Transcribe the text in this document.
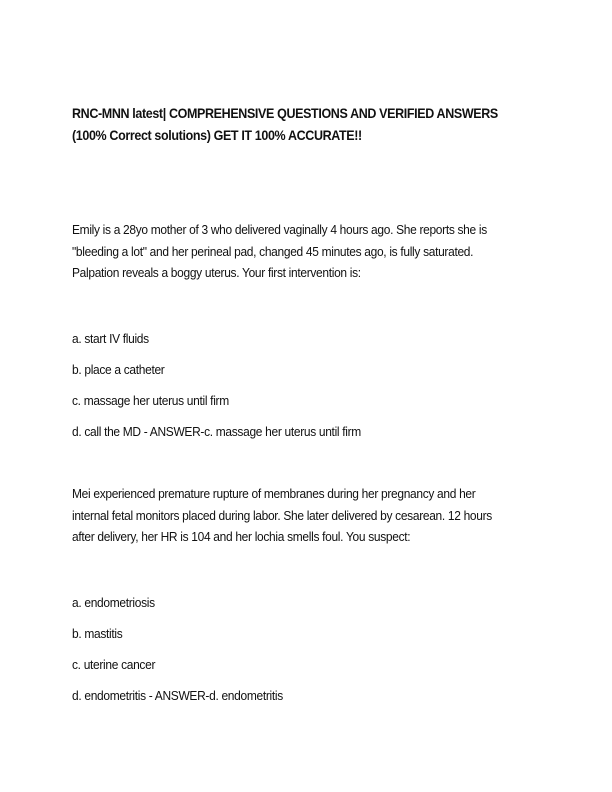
RNC-MNN latest| COMPREHENSIVE QUESTIONS AND VERIFIED ANSWERS (100% Correct solutions) GET IT 100% ACCURATE!!
Emily is a 28yo mother of 3 who delivered vaginally 4 hours ago. She reports she is "bleeding a lot" and her perineal pad, changed 45 minutes ago, is fully saturated. Palpation reveals a boggy uterus. Your first intervention is:
a. start IV fluids
b. place a catheter
c. massage her uterus until firm
d. call the MD - ANSWER-c. massage her uterus until firm
Mei experienced premature rupture of membranes during her pregnancy and her internal fetal monitors placed during labor. She later delivered by cesarean. 12 hours after delivery, her HR is 104 and her lochia smells foul. You suspect:
a. endometriosis
b. mastitis
c. uterine cancer
d. endometritis - ANSWER-d. endometritis
